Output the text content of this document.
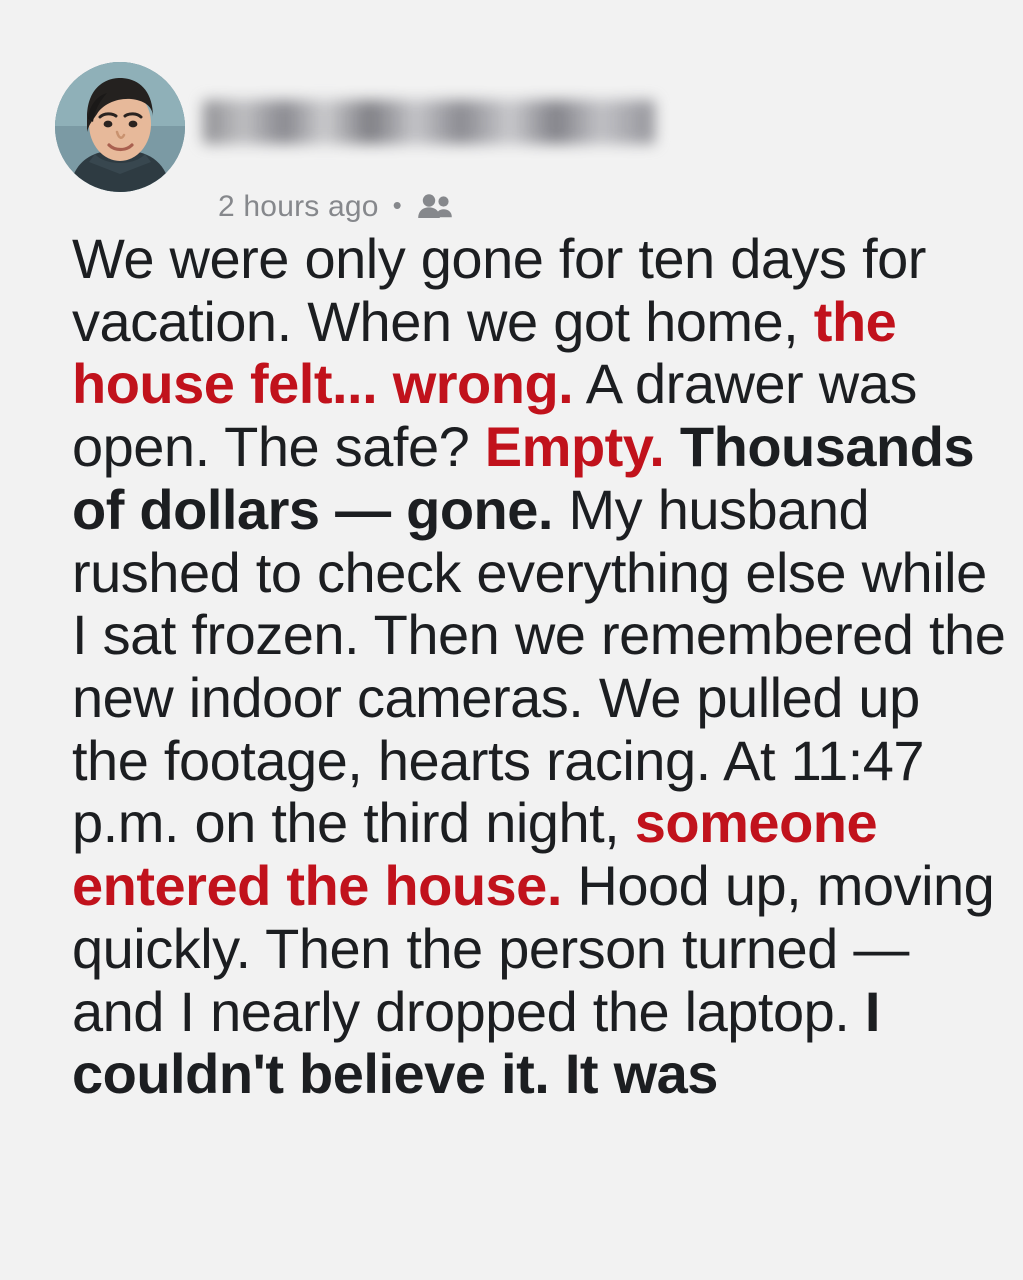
2 hours ago •
We were only gone for ten days for vacation. When we got home, the house felt... wrong. A drawer was open. The safe? Empty. Thousands of dollars — gone. My husband rushed to check everything else while I sat frozen. Then we remembered the new indoor cameras. We pulled up the footage, hearts racing. At 11:47 p.m. on the third night, someone entered the house. Hood up, moving quickly. Then the person turned — and I nearly dropped the laptop. I couldn't believe it. It was
